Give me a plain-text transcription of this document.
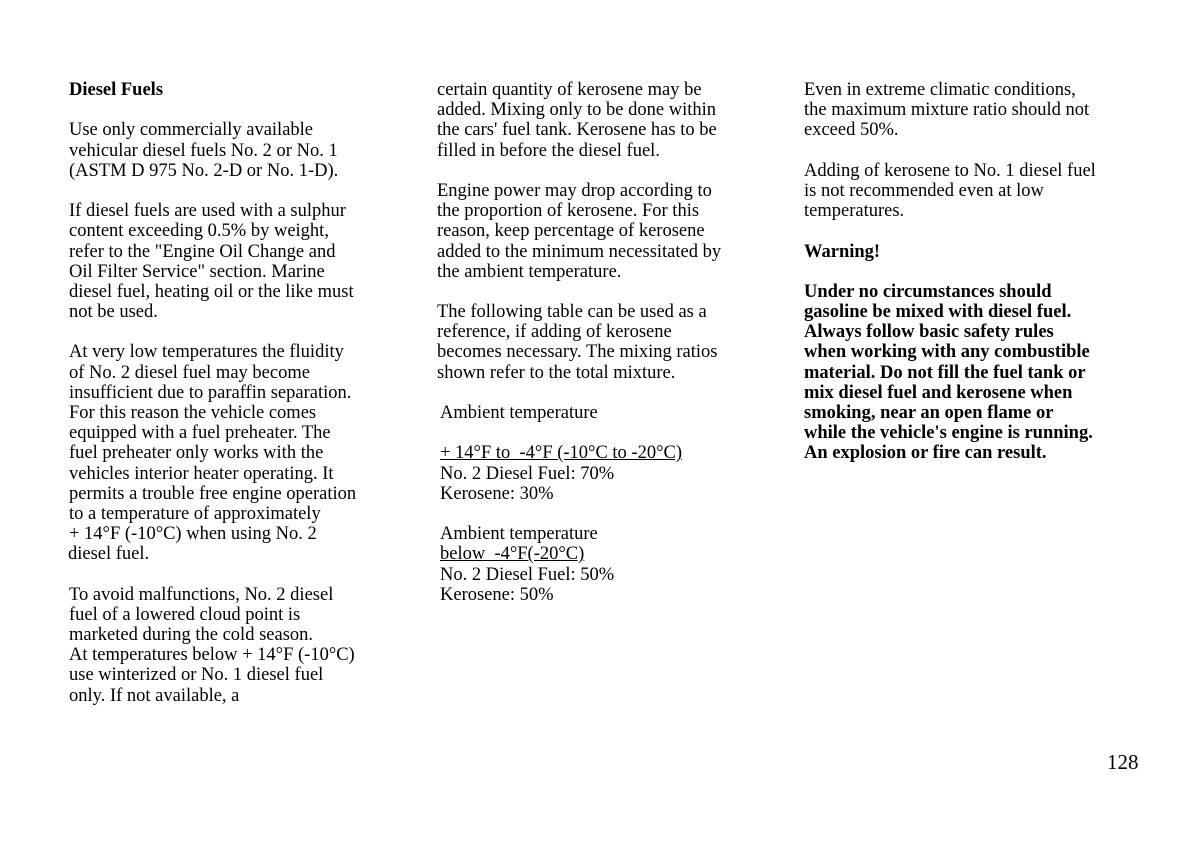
Diesel Fuels
Use only commercially available
vehicular diesel fuels No. 2 or No. 1
(ASTM D 975 No. 2-D or No. 1-D).
If diesel fuels are used with a sulphur
content exceeding 0.5% by weight,
refer to the "Engine Oil Change and
Oil Filter Service" section. Marine
diesel fuel, heating oil or the like must
not be used.
At very low temperatures the fluidity
of No. 2 diesel fuel may become
insufficient due to paraffin separation.
For this reason the vehicle comes
equipped with a fuel preheater. The
fuel preheater only works with the
vehicles interior heater operating. It
permits a trouble free engine operation
to a temperature of approximately
+ 14°F (-10°C) when using No. 2
diesel fuel.
To avoid malfunctions, No. 2 diesel
fuel of a lowered cloud point is
marketed during the cold season.
At temperatures below + 14°F (-10°C)
use winterized or No. 1 diesel fuel
only. If not available, a
certain quantity of kerosene may be
added. Mixing only to be done within
the cars' fuel tank. Kerosene has to be
filled in before the diesel fuel.
Engine power may drop according to
the proportion of kerosene. For this
reason, keep percentage of kerosene
added to the minimum necessitated by
the ambient temperature.
The following table can be used as a
reference, if adding of kerosene
becomes necessary. The mixing ratios
shown refer to the total mixture.
Ambient temperature
+ 14°F to  -4°F (-10°C to -20°C)
No. 2 Diesel Fuel: 70%
Kerosene: 30%
Ambient temperature
below  -4°F(-20°C)
No. 2 Diesel Fuel: 50%
Kerosene: 50%
Even in extreme climatic conditions,
the maximum mixture ratio should not
exceed 50%.
Adding of kerosene to No. 1 diesel fuel
is not recommended even at low
temperatures.
Warning!
Under no circumstances should
gasoline be mixed with diesel fuel.
Always follow basic safety rules
when working with any combustible
material. Do not fill the fuel tank or
mix diesel fuel and kerosene when
smoking, near an open flame or
while the vehicle's engine is running.
An explosion or fire can result.
128
